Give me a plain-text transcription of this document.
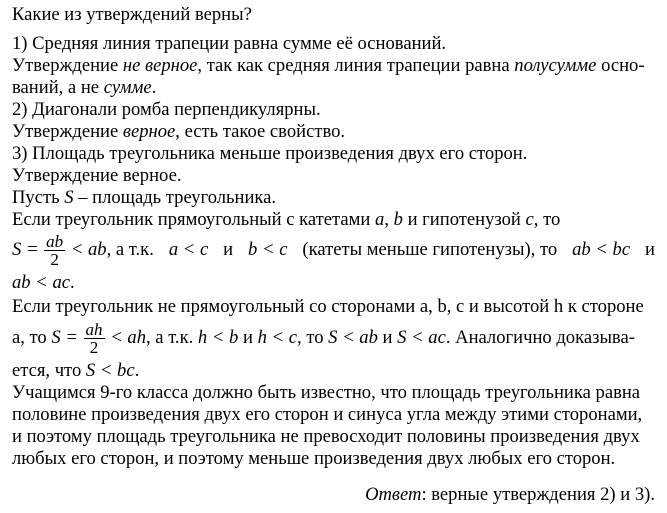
Какие из утверждений верны?
1) Средняя линия трапеции равна сумме её оснований.
Утверждение не верное, так как средняя линия трапеции равна полусумме осно-
ваний, а не сумме.
2) Диагонали ромба перпендикулярны.
Утверждение верное, есть такое свойство.
3) Площадь треугольника меньше произведения двух его сторон.
Утверждение верное.
Пусть S – площадь треугольника.
Если треугольник прямоугольный с катетами a, b и гипотенузой c, то
$S = \frac{ab}{2}$ < ab, а т.к. a < c и b < c (катеты меньше гипотенузы), то ab < bc и
ab < ac.
Если треугольник не прямоугольный со сторонами a, b, c и высотой h к стороне
a, то $S = \frac{ah}{2}$ < ah, а т.к. h < b и h < c, то S < ab и S < ac. Аналогично доказыва-
ется, что S < bc.
Учащимся 9-го класса должно быть известно, что площадь треугольника равна
половине произведения двух его сторон и синуса угла между этими сторонами,
и поэтому площадь треугольника не превосходит половины произведения двух
любых его сторон, и поэтому меньше произведения двух любых его сторон.
Ответ: верные утверждения 2) и 3).
